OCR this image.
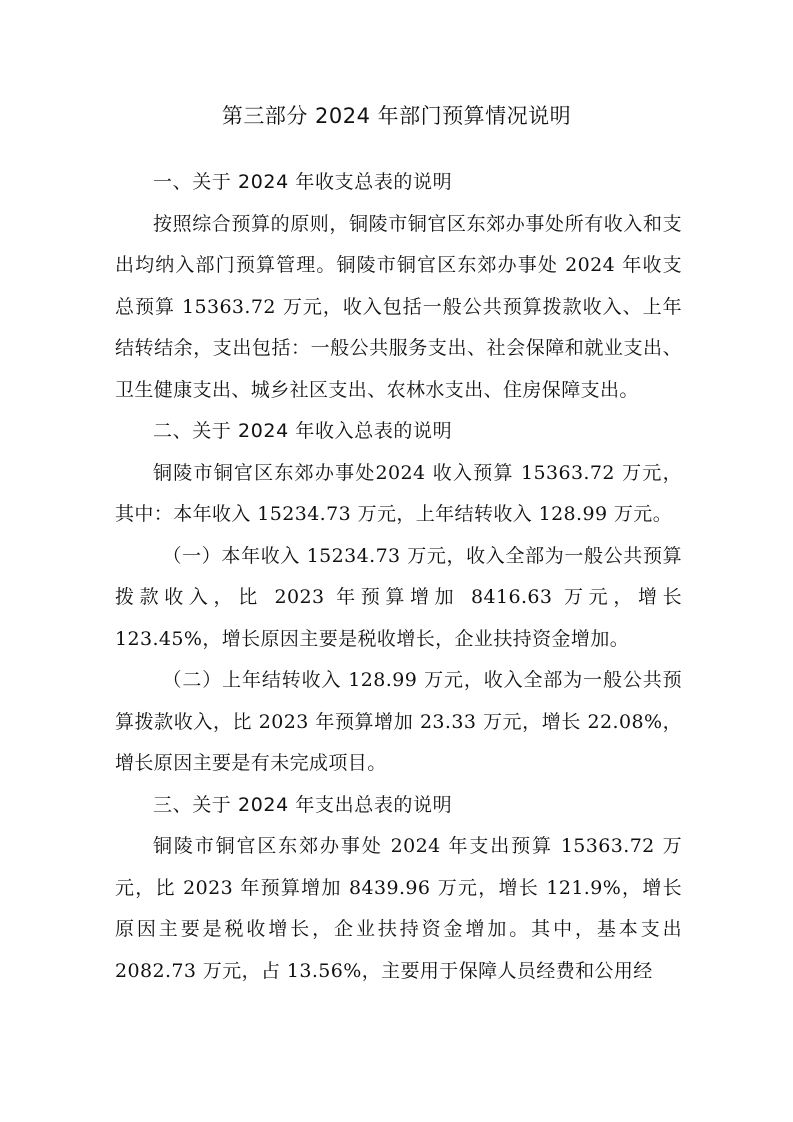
第三部分 2024 年部门预算情况说明

一、关于 2024 年收支总表的说明

按照综合预算的原则，铜陵市铜官区东郊办事处所有收入和支出均纳入部门预算管理。铜陵市铜官区东郊办事处 2024 年收支总预算 15363.72 万元，收入包括一般公共预算拨款收入、上年结转结余，支出包括：一般公共服务支出、社会保障和就业支出、卫生健康支出、城乡社区支出、农林水支出、住房保障支出。

二、关于 2024 年收入总表的说明

铜陵市铜官区东郊办事处2024 收入预算 15363.72 万元，其中：本年收入 15234.73 万元，上年结转收入 128.99 万元。

（一）本年收入 15234.73 万元，收入全部为一般公共预算拨款收入，比 2023 年预算增加 8416.63 万元，增长 123.45%，增长原因主要是税收增长，企业扶持资金增加。

（二）上年结转收入 128.99 万元，收入全部为一般公共预算拨款收入，比 2023 年预算增加 23.33 万元，增长 22.08%，增长原因主要是有未完成项目。

三、关于 2024 年支出总表的说明

铜陵市铜官区东郊办事处 2024 年支出预算 15363.72 万元，比 2023 年预算增加 8439.96 万元，增长 121.9%，增长原因主要是税收增长，企业扶持资金增加。其中，基本支出 2082.73 万元，占 13.56%，主要用于保障人员经费和公用经
